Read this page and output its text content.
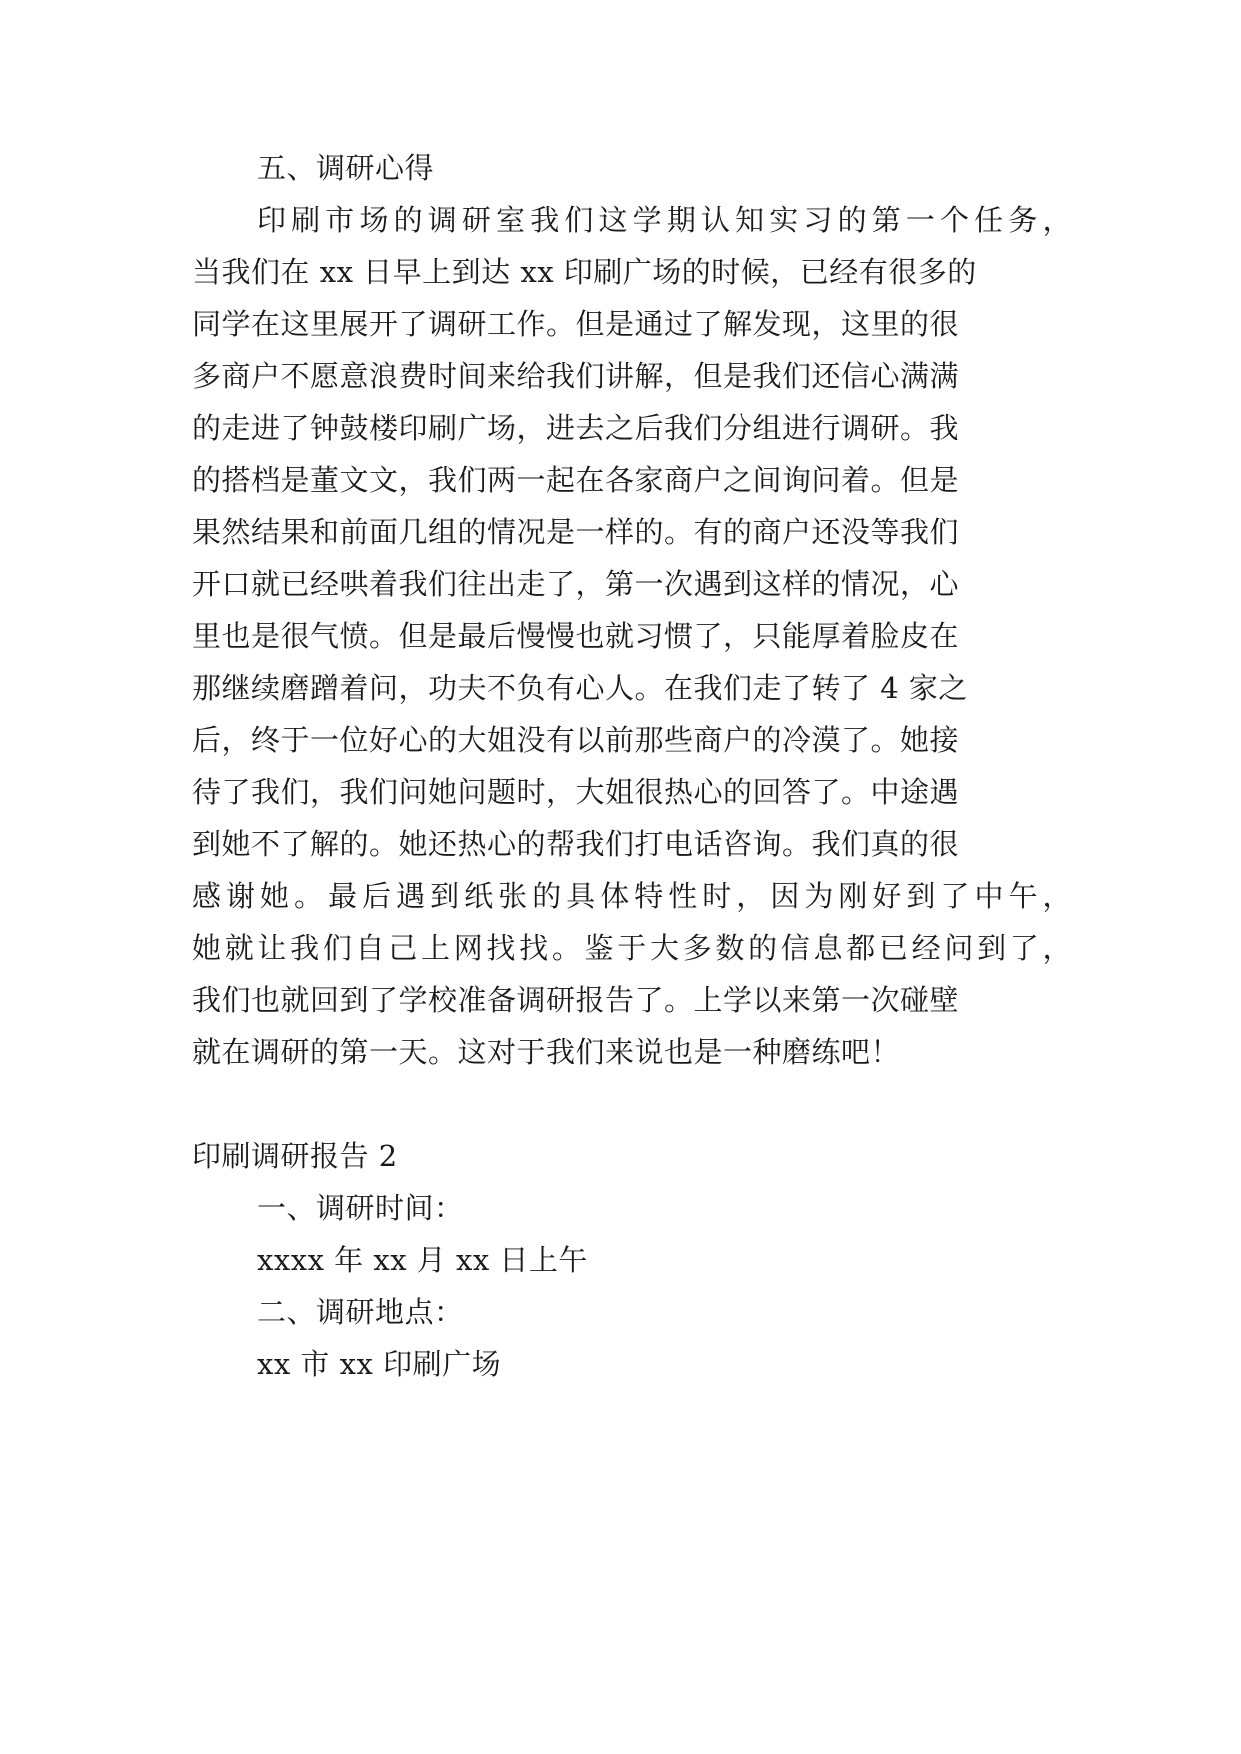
五、调研心得
印刷市场的调研室我们这学期认知实习的第一个任务，
当我们在 xx 日早上到达 xx 印刷广场的时候，已经有很多的
同学在这里展开了调研工作。但是通过了解发现，这里的很
多商户不愿意浪费时间来给我们讲解，但是我们还信心满满
的走进了钟鼓楼印刷广场，进去之后我们分组进行调研。我
的搭档是董文文，我们两一起在各家商户之间询问着。但是
果然结果和前面几组的情况是一样的。有的商户还没等我们
开口就已经哄着我们往出走了，第一次遇到这样的情况，心
里也是很气愤。但是最后慢慢也就习惯了，只能厚着脸皮在
那继续磨蹭着问，功夫不负有心人。在我们走了转了 4 家之
后，终于一位好心的大姐没有以前那些商户的冷漠了。她接
待了我们，我们问她问题时，大姐很热心的回答了。中途遇
到她不了解的。她还热心的帮我们打电话咨询。我们真的很
感谢她。最后遇到纸张的具体特性时，因为刚好到了中午，
她就让我们自己上网找找。鉴于大多数的信息都已经问到了，
我们也就回到了学校准备调研报告了。上学以来第一次碰壁
就在调研的第一天。这对于我们来说也是一种磨练吧！
印刷调研报告 2
一、调研时间：
xxxx 年 xx 月 xx 日上午
二、调研地点：
xx 市 xx 印刷广场
